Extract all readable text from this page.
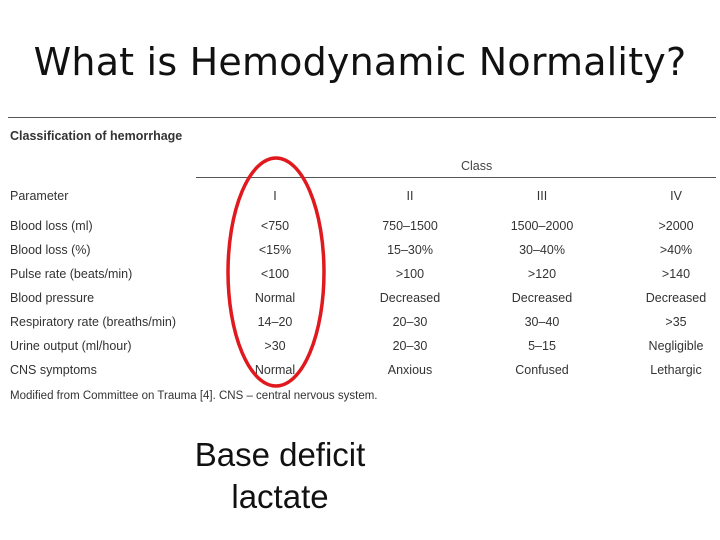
What is Hemodynamic Normality?
Classification of hemorrhage
Class
Parameter	I	II	III	IV
Blood loss (ml)	<750	750–1500	1500–2000	>2000
Blood loss (%)	<15%	15–30%	30–40%	>40%
Pulse rate (beats/min)	<100	>100	>120	>140
Blood pressure	Normal	Decreased	Decreased	Decreased
Respiratory rate (breaths/min)	14–20	20–30	30–40	>35
Urine output (ml/hour)	>30	20–30	5–15	Negligible
CNS symptoms	Normal	Anxious	Confused	Lethargic
Modified from Committee on Trauma [4]. CNS – central nervous system.
Base deficit
lactate
